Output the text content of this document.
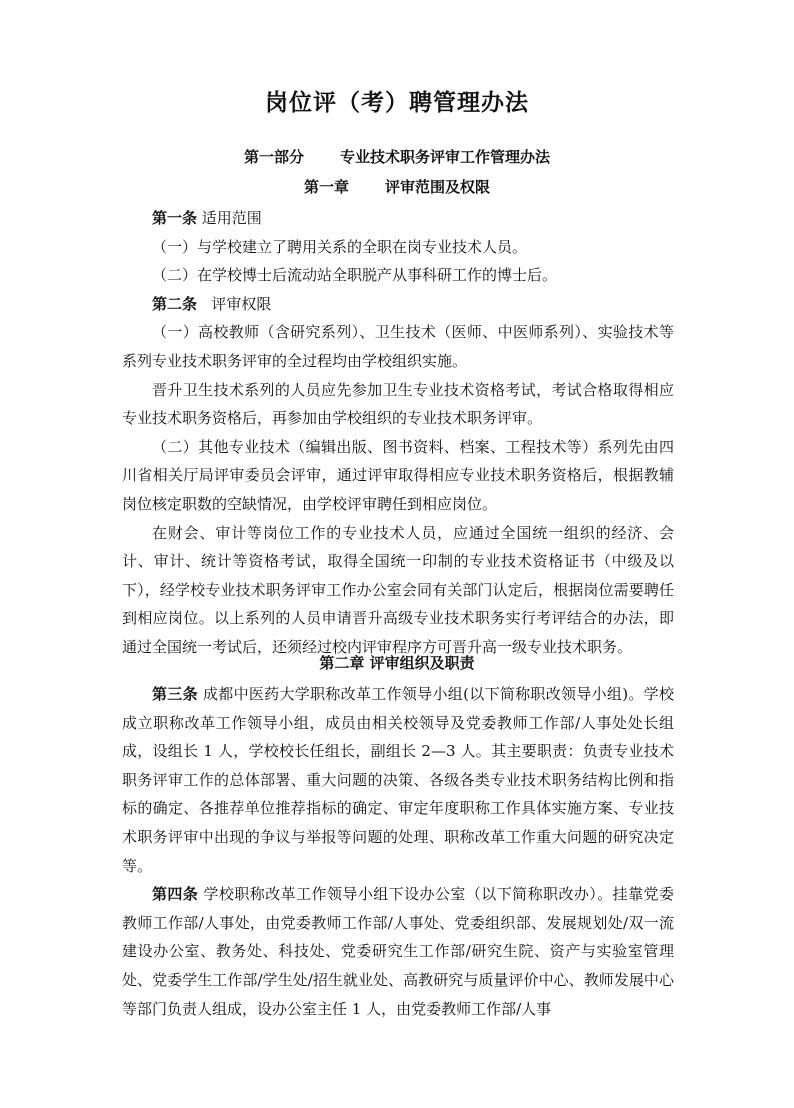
岗位评（考）聘管理办法
第一部分 专业技术职务评审工作管理办法
第一章 评审范围及权限

第一条 适用范围

（一）与学校建立了聘用关系的全职在岗专业技术人员。

（二）在学校博士后流动站全职脱产从事科研工作的博士后。

第二条 评审权限

（一）高校教师（含研究系列）、卫生技术（医师、中医师系列）、实验技术等系列专业技术职务评审的全过程均由学校组织实施。

晋升卫生技术系列的人员应先参加卫生专业技术资格考试，考试合格取得相应专业技术职务资格后，再参加由学校组织的专业技术职务评审。

（二）其他专业技术（编辑出版、图书资料、档案、工程技术等）系列先由四川省相关厅局评审委员会评审，通过评审取得相应专业技术职务资格后，根据教辅岗位核定职数的空缺情况，由学校评审聘任到相应岗位。

在财会、审计等岗位工作的专业技术人员，应通过全国统一组织的经济、会计、审计、统计等资格考试，取得全国统一印制的专业技术资格证书（中级及以下），经学校专业技术职务评审工作办公室会同有关部门认定后，根据岗位需要聘任到相应岗位。以上系列的人员申请晋升高级专业技术职务实行考评结合的办法，即通过全国统一考试后，还须经过校内评审程序方可晋升高一级专业技术职务。

第二章 评审组织及职责

第三条 成都中医药大学职称改革工作领导小组(以下简称职改领导小组)。学校成立职称改革工作领导小组，成员由相关校领导及党委教师工作部/人事处处长组成，设组长 1 人，学校校长任组长，副组长 2—3 人。其主要职责：负责专业技术职务评审工作的总体部署、重大问题的决策、各级各类专业技术职务结构比例和指标的确定、各推荐单位推荐指标的确定、审定年度职称工作具体实施方案、专业技术职务评审中出现的争议与举报等问题的处理、职称改革工作重大问题的研究决定等。

第四条 学校职称改革工作领导小组下设办公室（以下简称职改办）。挂靠党委教师工作部/人事处，由党委教师工作部/人事处、党委组织部、发展规划处/双一流建设办公室、教务处、科技处、党委研究生工作部/研究生院、资产与实验室管理处、党委学生工作部/学生处/招生就业处、高教研究与质量评价中心、教师发展中心等部门负责人组成，设办公室主任 1 人，由党委教师工作部/人事
